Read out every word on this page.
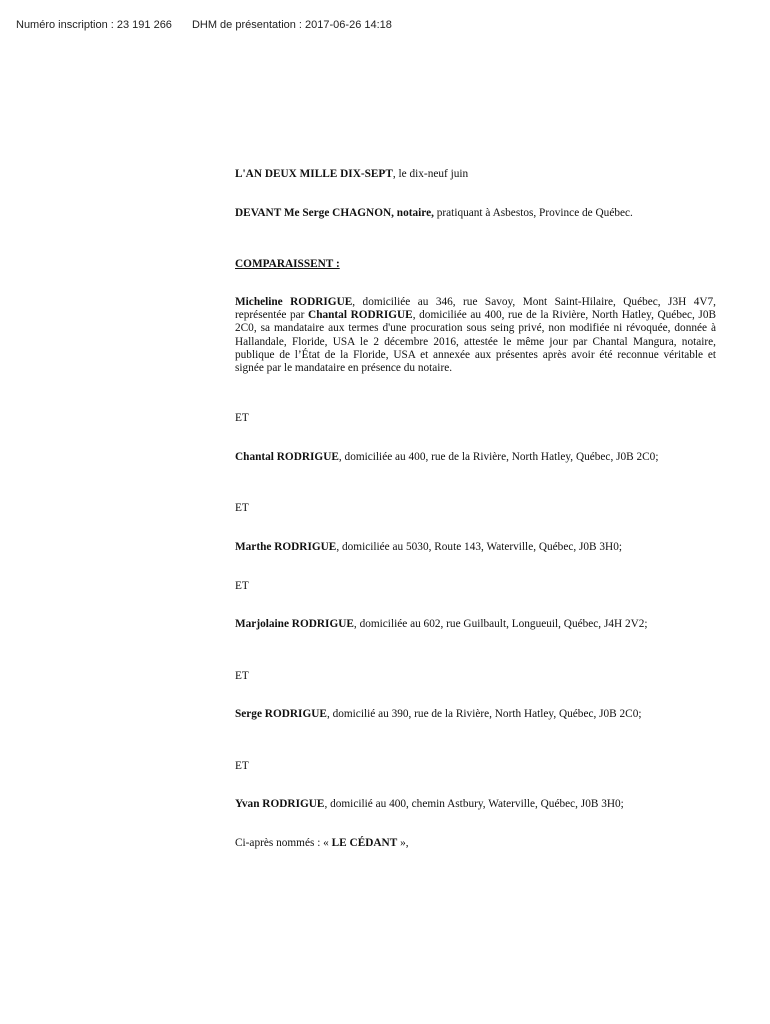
Numéro inscription : 23 191 266 DHM de présentation : 2017-06-26 14:18

L'AN DEUX MILLE DIX-SEPT, le dix-neuf juin

DEVANT Me Serge CHAGNON, notaire, pratiquant à Asbestos, Province de Québec.

COMPARAISSENT :

Micheline RODRIGUE, domiciliée au 346, rue Savoy, Mont Saint-Hilaire, Québec, J3H 4V7, représentée par Chantal RODRIGUE, domiciliée au 400, rue de la Rivière, North Hatley, Québec, J0B 2C0, sa mandataire aux termes d'une procuration sous seing privé, non modifiée ni révoquée, donnée à Hallandale, Floride, USA le 2 décembre 2016, attestée le même jour par Chantal Mangura, notaire, publique de l’État de la Floride, USA et annexée aux présentes après avoir été reconnue véritable et signée par le mandataire en présence du notaire.

ET

Chantal RODRIGUE, domiciliée au 400, rue de la Rivière, North Hatley, Québec, J0B 2C0;

ET

Marthe RODRIGUE, domiciliée au 5030, Route 143, Waterville, Québec, J0B 3H0;

ET

Marjolaine RODRIGUE, domiciliée au 602, rue Guilbault, Longueuil, Québec, J4H 2V2;

ET

Serge RODRIGUE, domicilié au 390, rue de la Rivière, North Hatley, Québec, J0B 2C0;

ET

Yvan RODRIGUE, domicilié au 400, chemin Astbury, Waterville, Québec, J0B 3H0;

Ci-après nommés : « LE CÉDANT »,
